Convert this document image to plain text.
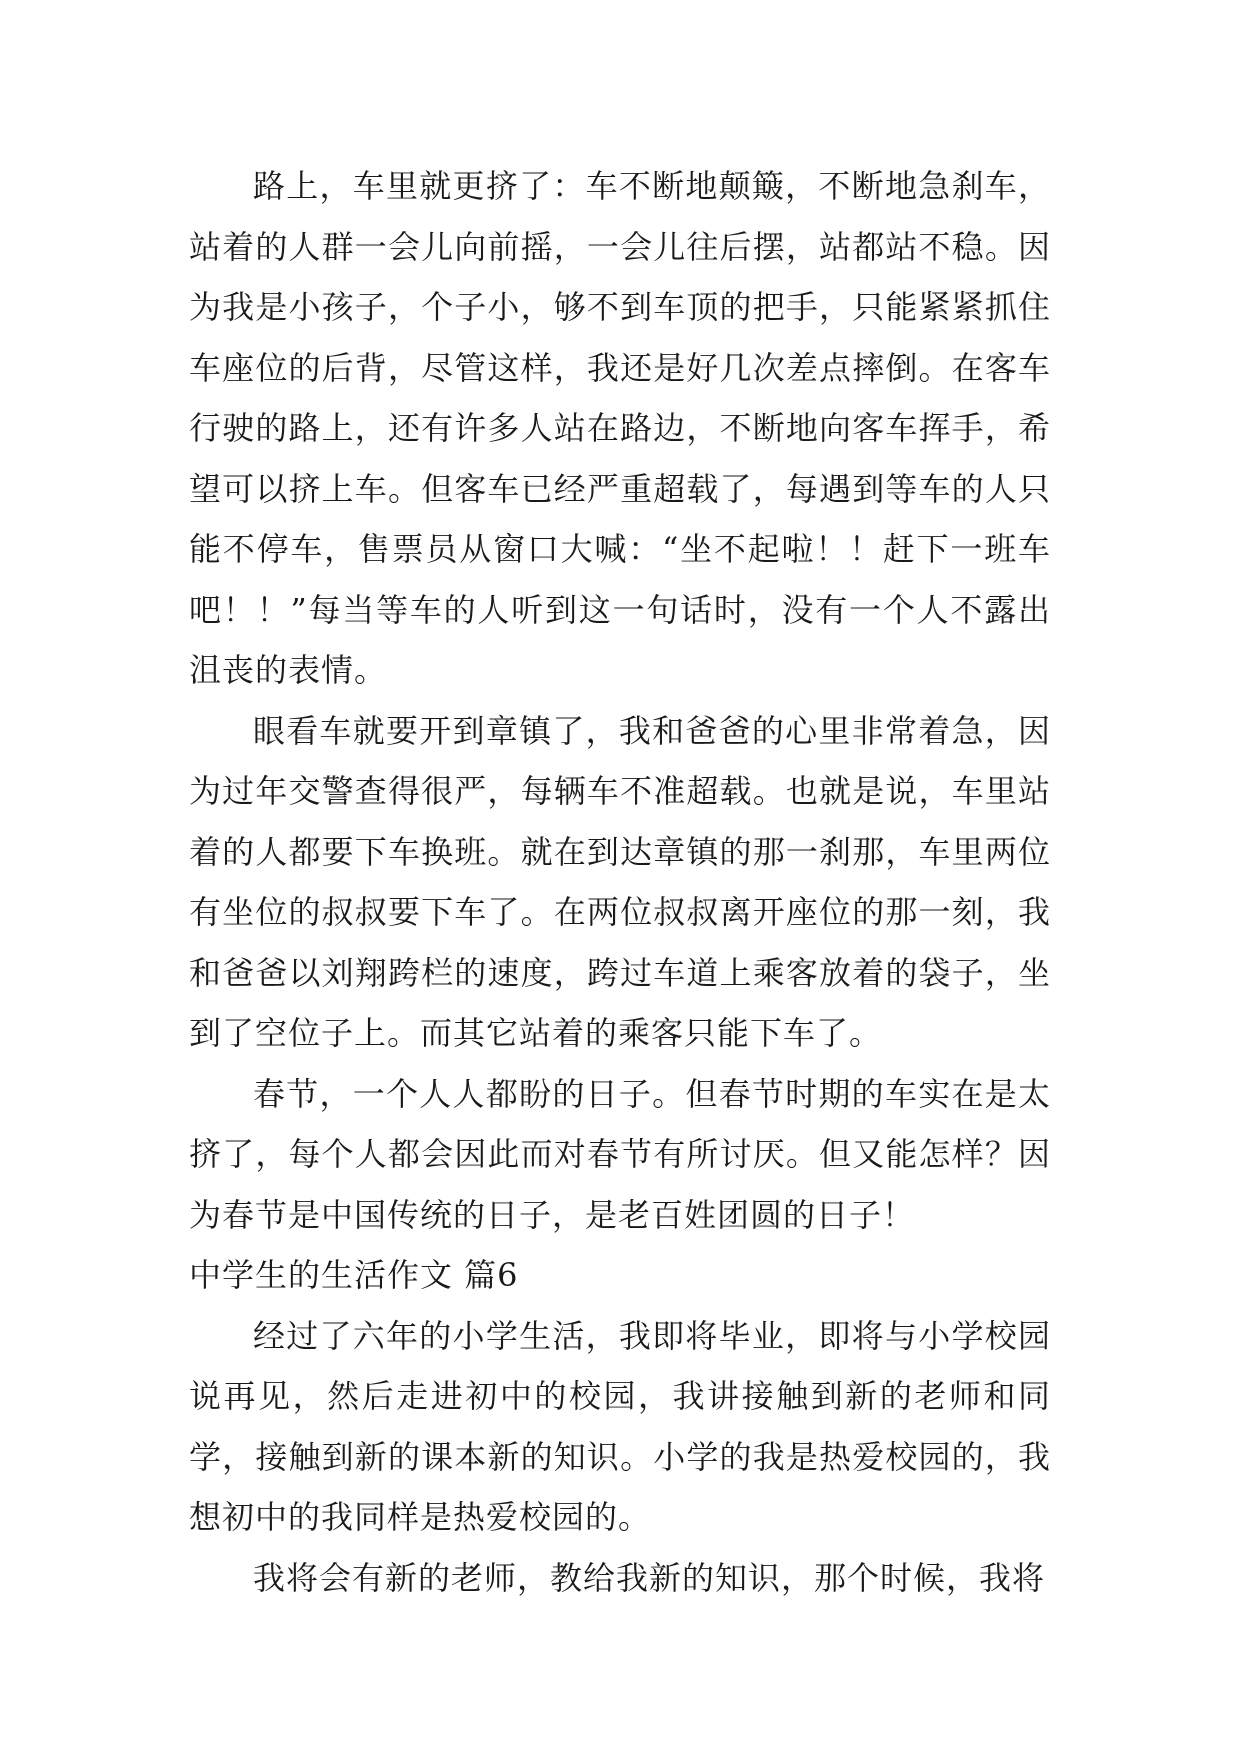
路上，车里就更挤了：车不断地颠簸，不断地急刹车，站着的人群一会儿向前摇，一会儿往后摆，站都站不稳。因为我是小孩子，个子小，够不到车顶的把手，只能紧紧抓住车座位的后背，尽管这样，我还是好几次差点摔倒。在客车行驶的路上，还有许多人站在路边，不断地向客车挥手，希望可以挤上车。但客车已经严重超载了，每遇到等车的人只能不停车，售票员从窗口大喊：“坐不起啦！！赶下一班车吧！！”每当等车的人听到这一句话时，没有一个人不露出沮丧的表情。

眼看车就要开到章镇了，我和爸爸的心里非常着急，因为过年交警查得很严，每辆车不准超载。也就是说，车里站着的人都要下车换班。就在到达章镇的那一刹那，车里两位有坐位的叔叔要下车了。在两位叔叔离开座位的那一刻，我和爸爸以刘翔跨栏的速度，跨过车道上乘客放着的袋子，坐到了空位子上。而其它站着的乘客只能下车了。

春节，一个人人都盼的日子。但春节时期的车实在是太挤了，每个人都会因此而对春节有所讨厌。但又能怎样？因为春节是中国传统的日子，是老百姓团圆的日子！

中学生的生活作文 篇6

经过了六年的小学生活，我即将毕业，即将与小学校园说再见，然后走进初中的校园，我讲接触到新的老师和同学，接触到新的课本新的知识。小学的我是热爱校园的，我想初中的我同样是热爱校园的。

我将会有新的老师，教给我新的知识，那个时候，我将
